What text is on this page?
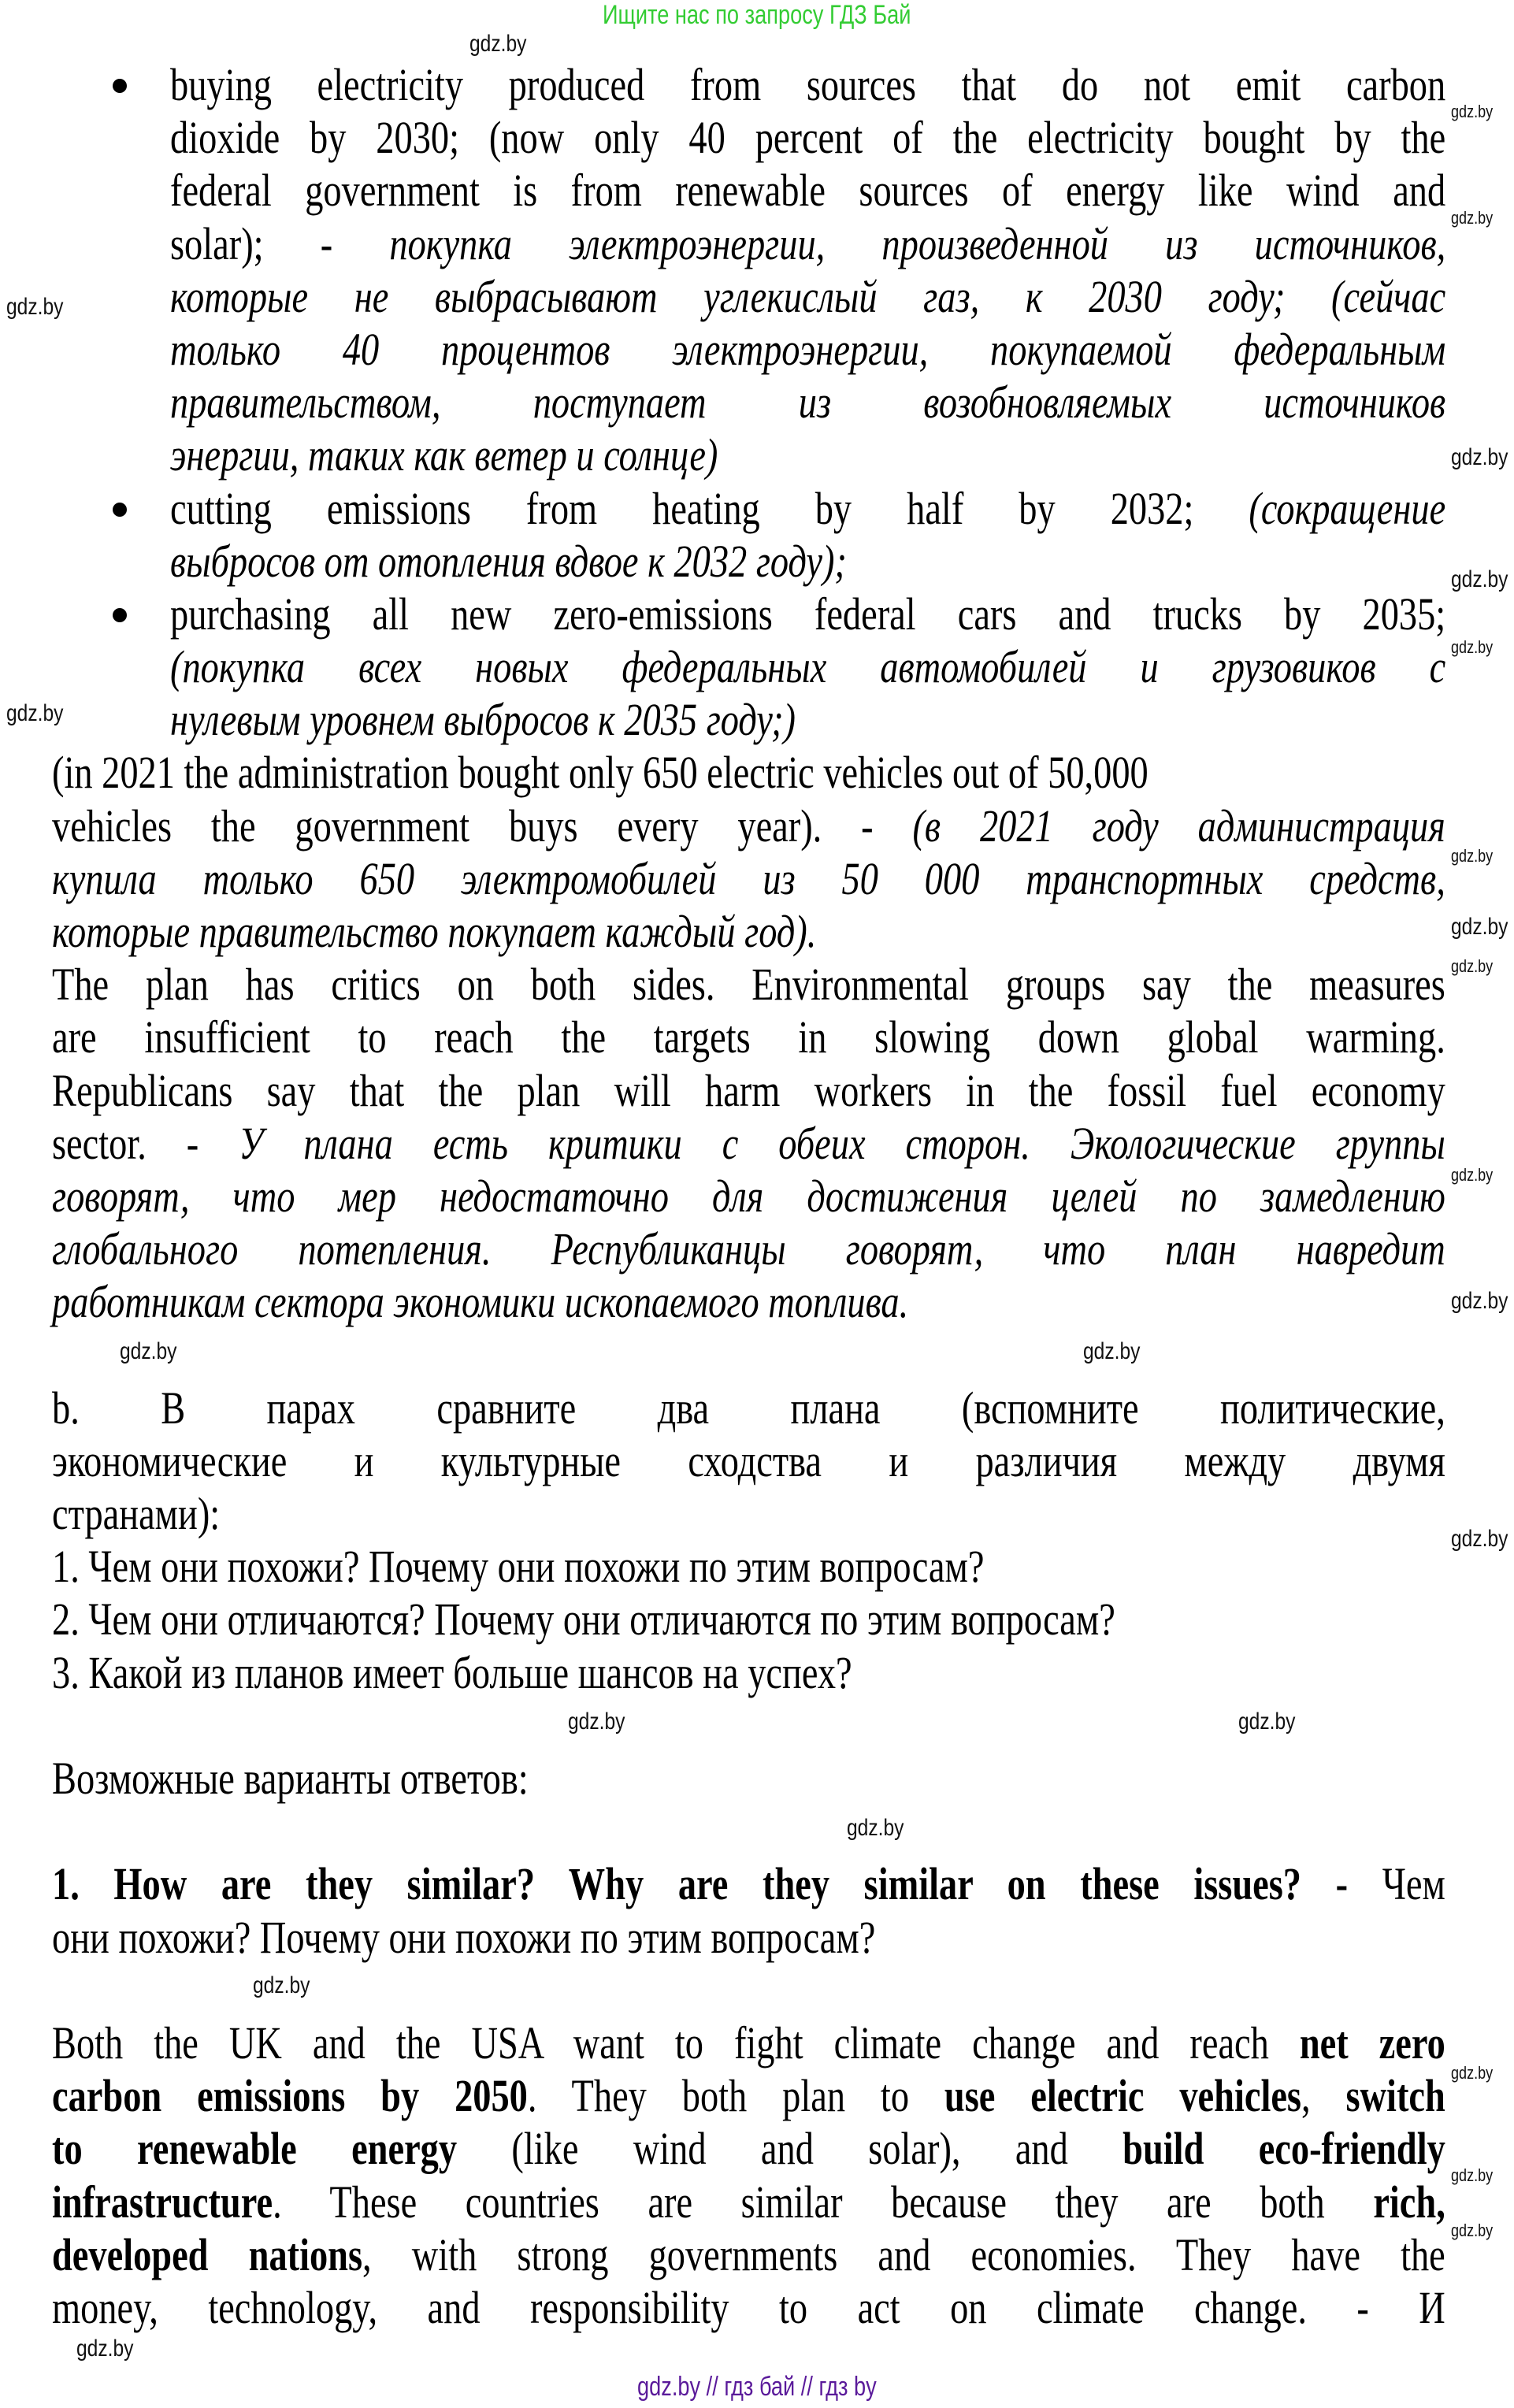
Ищите нас по запросу ГДЗ Бай
buying electricity produced from sources that do not emit carbon
dioxide by 2030; (now only 40 percent of the electricity bought by the
federal government is from renewable sources of energy like wind and
solar); - покупка электроэнергии, произведенной из источников,
которые не выбрасывают углекислый газ, к 2030 году; (сейчас
только 40 процентов электроэнергии, покупаемой федеральным
правительством, поступает из возобновляемых источников
энергии, таких как ветер и солнце)
cutting emissions from heating by half by 2032; (сокращение
выбросов от отопления вдвое к 2032 году);
purchasing all new zero-emissions federal cars and trucks by 2035;
(покупка всех новых федеральных автомобилей и грузовиков с
нулевым уровнем выбросов к 2035 году;)
(in 2021 the administration bought only 650 electric vehicles out of 50,000
vehicles the government buys every year). - (в 2021 году администрация
купила только 650 электромобилей из 50 000 транспортных средств,
которые правительство покупает каждый год).
The plan has critics on both sides. Environmental groups say the measures
are insufficient to reach the targets in slowing down global warming.
Republicans say that the plan will harm workers in the fossil fuel economy
sector. - У плана есть критики с обеих сторон. Экологические группы
говорят, что мер недостаточно для достижения целей по замедлению
глобального потепления. Республиканцы говорят, что план навредит
работникам сектора экономики ископаемого топлива.
b. В парах сравните два плана (вспомните политические,
экономические и культурные сходства и различия между двумя
странами):
1. Чем они похожи? Почему они похожи по этим вопросам?
2. Чем они отличаются? Почему они отличаются по этим вопросам?
3. Какой из планов имеет больше шансов на успех?
Возможные варианты ответов:
1. How are they similar? Why are they similar on these issues? - Чем
они похожи? Почему они похожи по этим вопросам?
Both the UK and the USA want to fight climate change and reach net zero
carbon emissions by 2050. They both plan to use electric vehicles, switch
to renewable energy (like wind and solar), and build eco-friendly
infrastructure. These countries are similar because they are both rich,
developed nations, with strong governments and economies. They have the
money, technology, and responsibility to act on climate change. - И
gdz.by
gdz.by
gdz.by
gdz.by
gdz.by
gdz.by
gdz.by
gdz.by
gdz.by
gdz.by
gdz.by
gdz.by
gdz.by
gdz.by	gdz.by
gdz.by
gdz.by
gdz.by
gdz.by
gdz.by
gdz.by
gdz.by
gdz.by
gdz.by
gdz.by // гдз бай // гдз by
